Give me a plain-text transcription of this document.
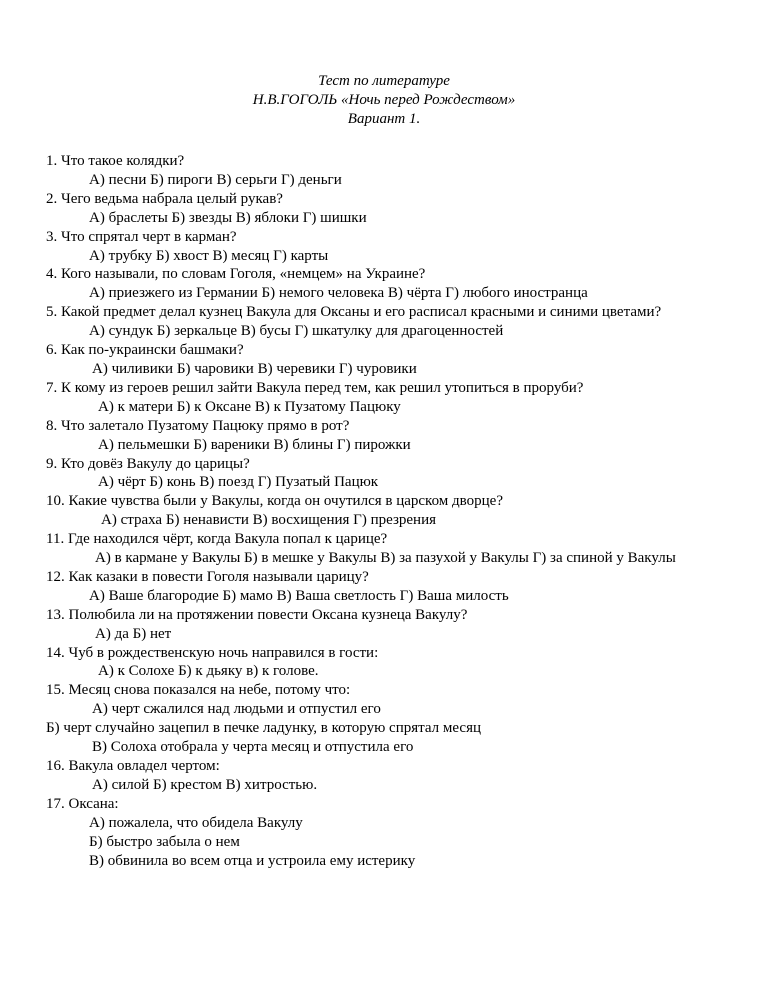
Тест по литературе
Н.В.ГОГОЛЬ «Ночь перед Рождеством»
Вариант 1.
1. Что такое колядки?
А) песни Б) пироги В) серьги Г) деньги
2. Чего ведьма набрала целый рукав?
А) браслеты Б) звезды В) яблоки Г) шишки
3. Что спрятал черт в карман?
А) трубку Б) хвост В) месяц Г) карты
4. Кого называли, по словам Гоголя, «немцем» на Украине?
А) приезжего из Германии Б) немого человека В) чёрта Г) любого иностранца
5. Какой предмет делал кузнец Вакула для Оксаны и его расписал красными и синими цветами?
А) сундук Б) зеркальце В) бусы Г) шкатулку для драгоценностей
6. Как по-украински башмаки?
А) чиливики Б) чаровики В) черевики Г) чуровики
7. К кому из героев решил зайти Вакула перед тем, как решил утопиться в проруби?
А) к матери Б) к Оксане В) к Пузатому Пацюку
8. Что залетало Пузатому Пацюку прямо в рот?
А) пельмешки Б) вареники В) блины Г) пирожки
9. Кто довёз Вакулу до царицы?
А) чёрт Б) конь В) поезд Г) Пузатый Пацюк
10. Какие чувства были у Вакулы, когда он очутился в царском дворце?
А) страха Б) ненависти В) восхищения Г) презрения
11. Где находился чёрт, когда Вакула попал к царице?
А) в кармане у Вакулы Б) в мешке у Вакулы В) за пазухой у Вакулы Г) за спиной у Вакулы
12. Как казаки в повести Гоголя называли царицу?
А) Ваше благородие Б) мамо В) Ваша светлость Г) Ваша милость
13. Полюбила ли на протяжении повести Оксана кузнеца Вакулу?
А) да Б) нет
14. Чуб в рождественскую ночь направился в гости:
А) к Солохе Б) к дьяку в) к голове.
15. Месяц снова показался на небе, потому что:
А) черт сжалился над людьми и отпустил его
Б) черт случайно зацепил в печке ладунку, в которую спрятал месяц
В) Солоха отобрала у черта месяц и отпустила его
16. Вакула овладел чертом:
А) силой Б) крестом В) хитростью.
17. Оксана:
А) пожалела, что обидела Вакулу
Б) быстро забыла о нем
В) обвинила во всем отца и устроила ему истерику
